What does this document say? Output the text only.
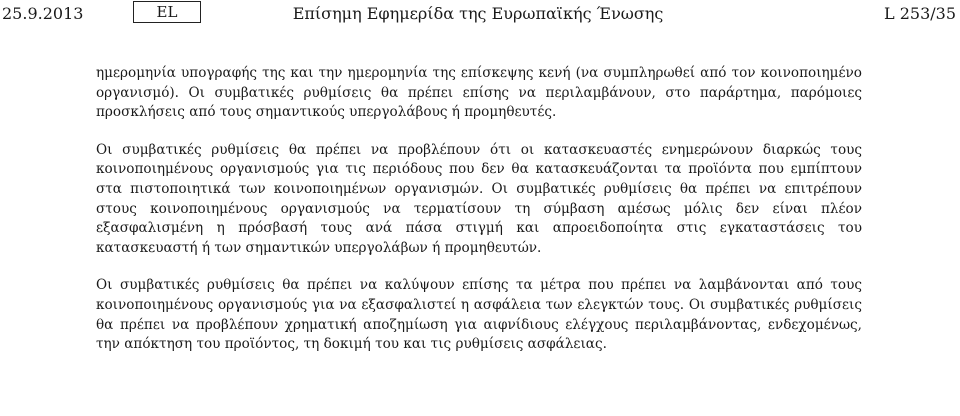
25.9.2013	EL	Επίσημη Εφημερίδα της Ευρωπαϊκής Ένωσης	L 253/35

ημερομηνία υπογραφής της και την ημερομηνία της επίσκεψης κενή (να συμπληρωθεί από τον κοινοποιημένο οργανισμό). Οι συμβατικές ρυθμίσεις θα πρέπει επίσης να περιλαμβάνουν, στο παράρτημα, παρόμοιες προσκλήσεις από τους σημαντικούς υπεργολάβους ή προμηθευτές.

Οι συμβατικές ρυθμίσεις θα πρέπει να προβλέπουν ότι οι κατασκευαστές ενημερώνουν διαρκώς τους κοινοποιημένους οργανισμούς για τις περιόδους που δεν θα κατασκευάζονται τα προϊόντα που εμπίπτουν στα πιστοποιητικά των κοινοποιημένων οργανισμών. Οι συμβατικές ρυθμίσεις θα πρέπει να επιτρέπουν στους κοινοποιημένους οργανισμούς να τερματίσουν τη σύμβαση αμέσως μόλις δεν είναι πλέον εξασφαλισμένη η πρόσβασή τους ανά πάσα στιγμή και απροειδοποίητα στις εγκαταστάσεις του κατασκευαστή ή των σημαντικών υπεργολάβων ή προμηθευτών.

Οι συμβατικές ρυθμίσεις θα πρέπει να καλύψουν επίσης τα μέτρα που πρέπει να λαμβάνονται από τους κοινοποιημένους οργανισμούς για να εξασφαλιστεί η ασφάλεια των ελεγκτών τους. Οι συμβατικές ρυθμίσεις θα πρέπει να προβλέπουν χρηματική αποζημίωση για αιφνίδιους ελέγχους περιλαμβάνοντας, ενδεχομένως, την απόκτηση του προϊόντος, τη δοκιμή του και τις ρυθμίσεις ασφάλειας.
